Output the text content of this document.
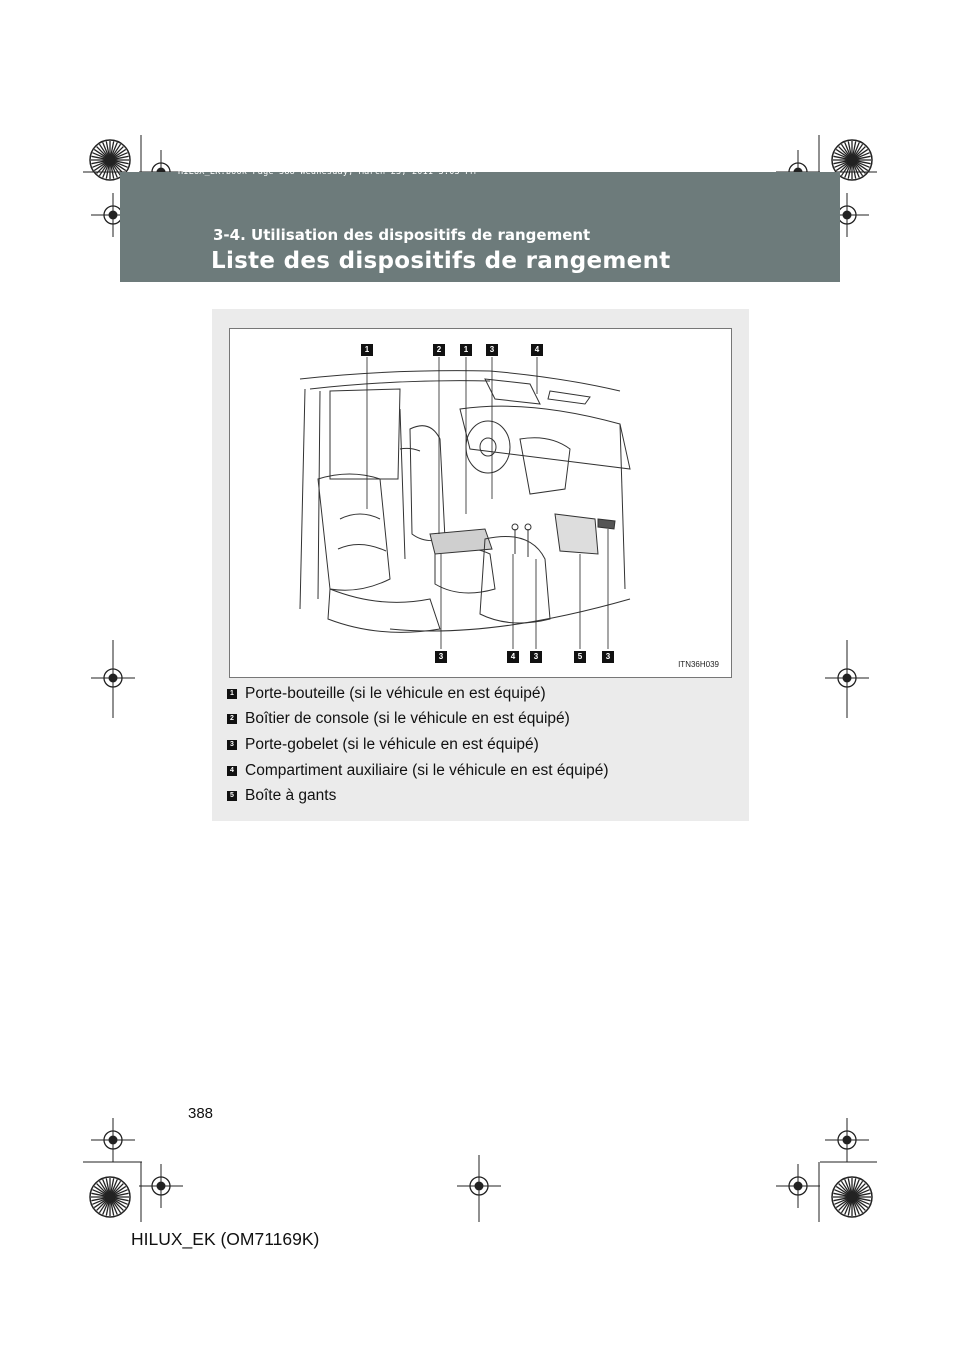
HILUX_EK.book Page 388 Wednesday, March 23, 2011 3:03 PM
3-4. Utilisation des dispositifs de rangement
Liste des dispositifs de rangement
1	2	1	3	4
3	4	3	5	3
ITN36H039
1 Porte-bouteille (si le véhicule en est équipé)
2 Boîtier de console (si le véhicule en est équipé)
3 Porte-gobelet (si le véhicule en est équipé)
4 Compartiment auxiliaire (si le véhicule en est équipé)
5 Boîte à gants
388
HILUX_EK (OM71169K)
